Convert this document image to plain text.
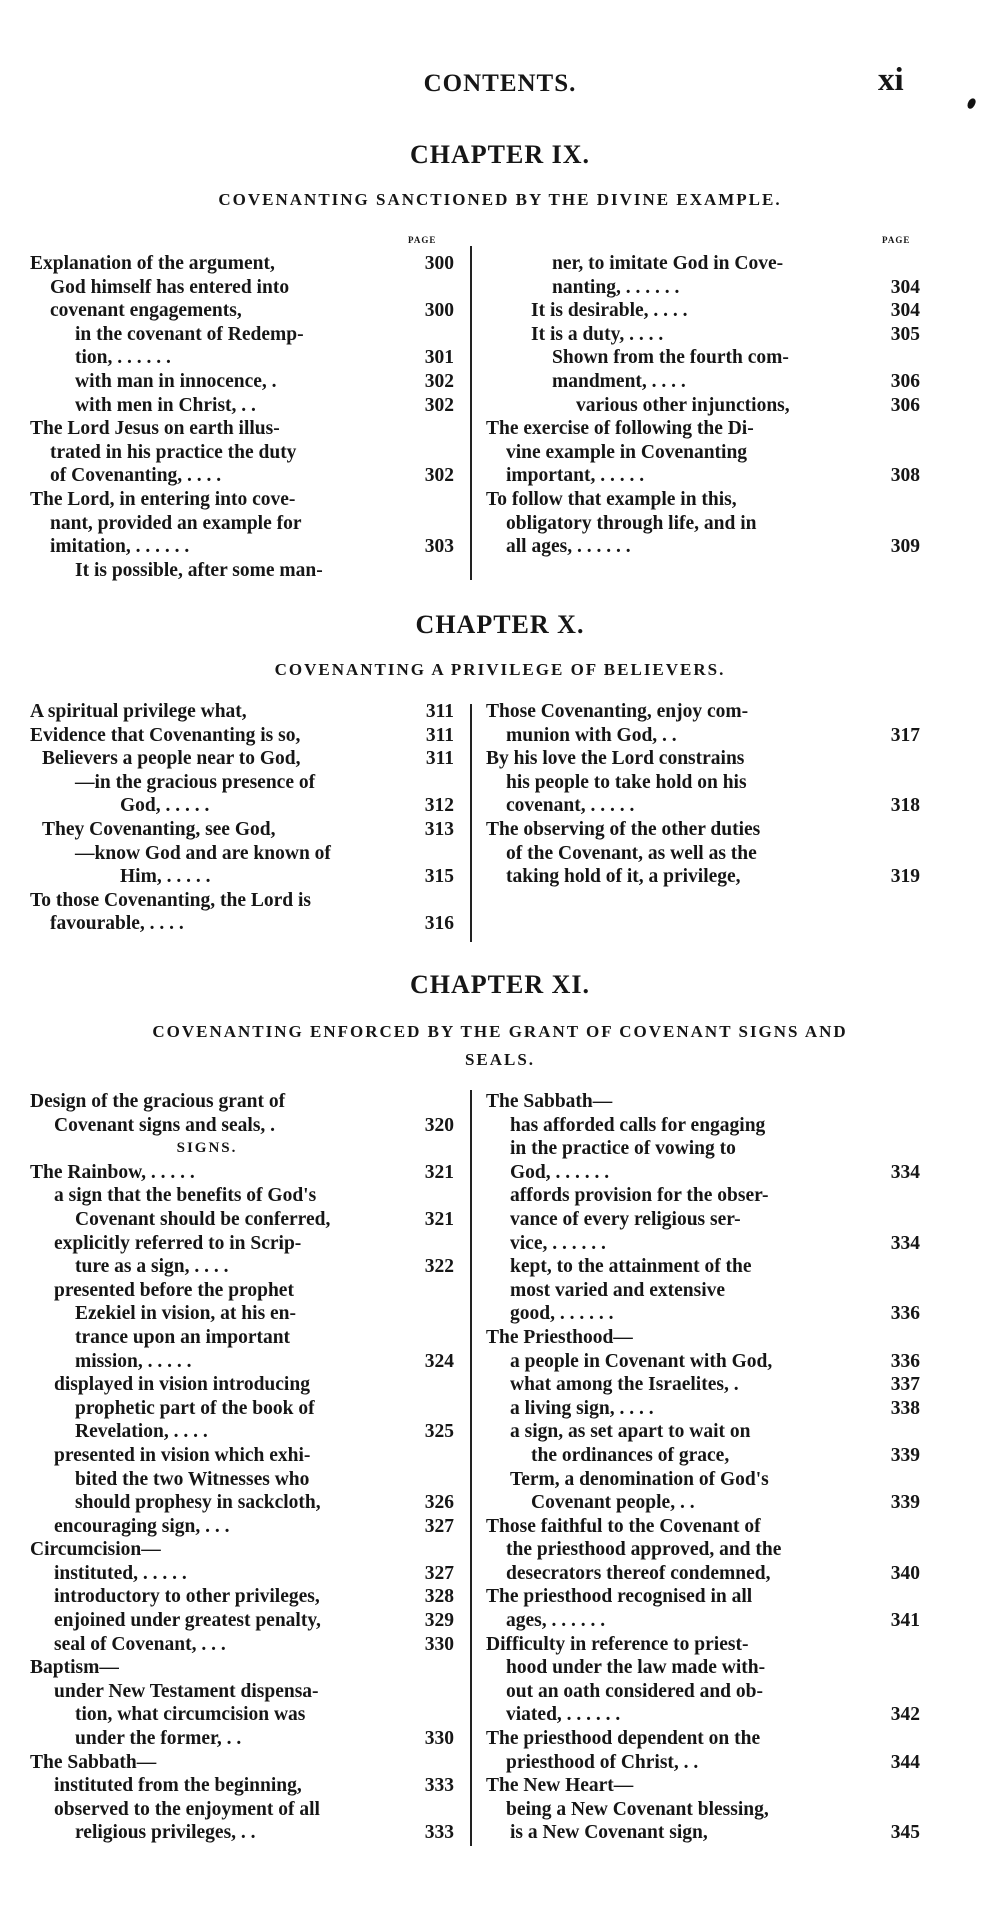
CONTENTS.	xi
CHAPTER IX.
COVENANTING SANCTIONED BY THE DIVINE EXAMPLE.
PAGE	PAGE
Explanation of the argument,	300
God himself has entered into
covenant engagements,	300
in the covenant of Redemp-
tion, . . . . . .	301
with man in innocence, .	302
with men in Christ, . .	302
The Lord Jesus on earth illus-
trated in his practice the duty
of Covenanting, . . . .	302
The Lord, in entering into cove-
nant, provided an example for
imitation, . . . . . .	303
It is possible, after some man-
ner, to imitate God in Cove-
nanting, . . . . . .	304
It is desirable, . . . .	304
It is a duty, . . . .	305
Shown from the fourth com-
mandment, . . . .	306
various other injunctions,	306
The exercise of following the Di-
vine example in Covenanting
important, . . . . .	308
To follow that example in this,
obligatory through life, and in
all ages, . . . . . .	309
CHAPTER X.
COVENANTING A PRIVILEGE OF BELIEVERS.
A spiritual privilege what,	311
Evidence that Covenanting is so,	311
Believers a people near to God,	311
—in the gracious presence of
God, . . . . .	312
They Covenanting, see God,	313
—know God and are known of
Him, . . . . .	315
To those Covenanting, the Lord is
favourable, . . . .	316
Those Covenanting, enjoy com-
munion with God, . .	317
By his love the Lord constrains
his people to take hold on his
covenant, . . . . .	318
The observing of the other duties
of the Covenant, as well as the
taking hold of it, a privilege,	319
CHAPTER XI.
COVENANTING ENFORCED BY THE GRANT OF COVENANT SIGNS AND
SEALS.
Design of the gracious grant of
Covenant signs and seals, .	320
SIGNS.
The Rainbow, . . . . .	321
a sign that the benefits of God's
Covenant should be conferred,	321
explicitly referred to in Scrip-
ture as a sign, . . . .	322
presented before the prophet
Ezekiel in vision, at his en-
trance upon an important
mission, . . . . .	324
displayed in vision introducing
prophetic part of the book of
Revelation, . . . .	325
presented in vision which exhi-
bited the two Witnesses who
should prophesy in sackcloth,	326
encouraging sign, . . .	327
Circumcision—
instituted, . . . . .	327
introductory to other privileges,	328
enjoined under greatest penalty,	329
seal of Covenant, . . .	330
Baptism—
under New Testament dispensa-
tion, what circumcision was
under the former, . .	330
The Sabbath—
instituted from the beginning,	333
observed to the enjoyment of all
religious privileges, . .	333
The Sabbath—
has afforded calls for engaging
in the practice of vowing to
God, . . . . . .	334
affords provision for the obser-
vance of every religious ser-
vice, . . . . . .	334
kept, to the attainment of the
most varied and extensive
good, . . . . . .	336
The Priesthood—
a people in Covenant with God,	336
what among the Israelites, .	337
a living sign, . . . .	338
a sign, as set apart to wait on
the ordinances of grace,	339
Term, a denomination of God's
Covenant people, . .	339
Those faithful to the Covenant of
the priesthood approved, and the
desecrators thereof condemned,	340
The priesthood recognised in all
ages, . . . . . .	341
Difficulty in reference to priest-
hood under the law made with-
out an oath considered and ob-
viated, . . . . . .	342
The priesthood dependent on the
priesthood of Christ, . .	344
The New Heart—
being a New Covenant blessing,
is a New Covenant sign,	345
